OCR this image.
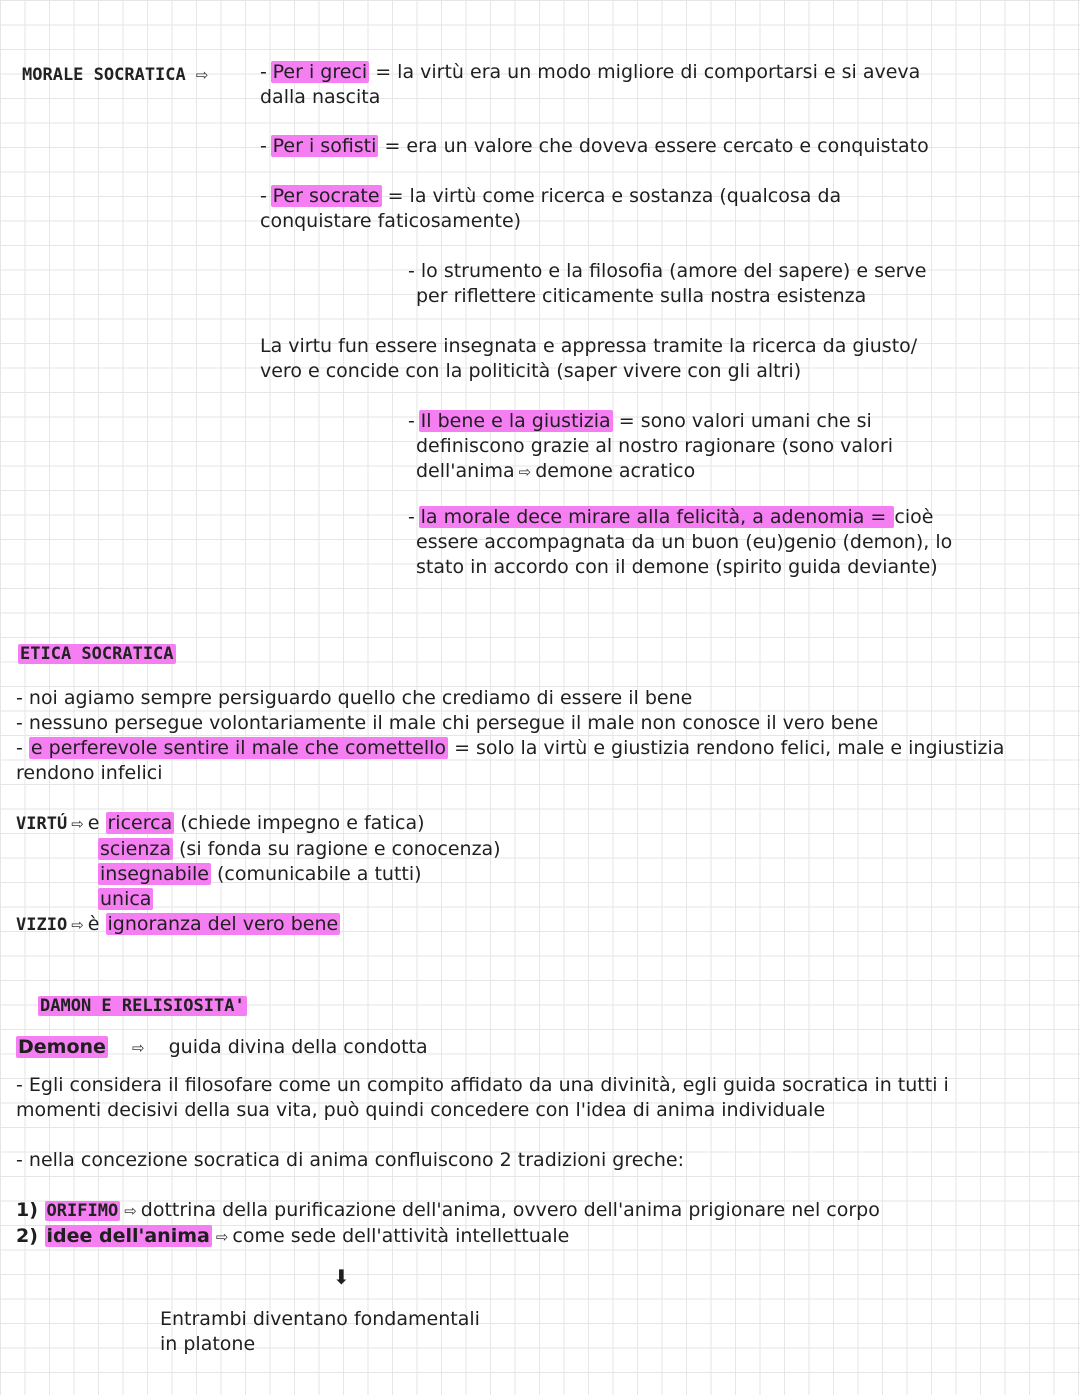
MORALE SOCRATICA ⇨	- Per i greci = la virtù era un modo migliore di comportarsi e si aveva
dalla nascita
- Per i sofisti = era un valore che doveva essere cercato e conquistato
- Per socrate = la virtù come ricerca e sostanza (qualcosa da
conquistare faticosamente)
- lo strumento e la filosofia (amore del sapere) e serve
per riflettere citicamente sulla nostra esistenza
La virtu fun essere insegnata e appressa tramite la ricerca da giusto/
vero e concide con la politicità (saper vivere con gli altri)
- Il bene e la giustizia = sono valori umani che si
definiscono grazie al nostro ragionare (sono valori
dell'anima ⇨ demone acratico
- la morale dece mirare alla felicità, a adenomia = cioè
essere accompagnata da un buon (eu)genio (demon), lo
stato in accordo con il demone (spirito guida deviante)
ETICA SOCRATICA
- noi agiamo sempre persiguardo quello che crediamo di essere il bene
- nessuno persegue volontariamente il male chi persegue il male non conosce il vero bene
- e perferevole sentire il male che comettello = solo la virtù e giustizia rendono felici, male e ingiustizia
rendono infelici
VIRTÚ ⇨ e ricerca (chiede impegno e fatica)
scienza (si fonda su ragione e conocenza)
insegnabile (comunicabile a tutti)
unica
VIZIO ⇨ è ignoranza del vero bene
DAMON E RELISIOSITA'
Demone ⇨ guida divina della condotta
- Egli considera il filosofare come un compito affidato da una divinità, egli guida socratica in tutti i
momenti decisivi della sua vita, può quindi concedere con l'idea di anima individuale
- nella concezione socratica di anima confluiscono 2 tradizioni greche:
1) ORIFIMO ⇨ dottrina della purificazione dell'anima, ovvero dell'anima prigionare nel corpo
2) idee dell'anima ⇨ come sede dell'attività intellettuale
⬇
Entrambi diventano fondamentali
in platone
